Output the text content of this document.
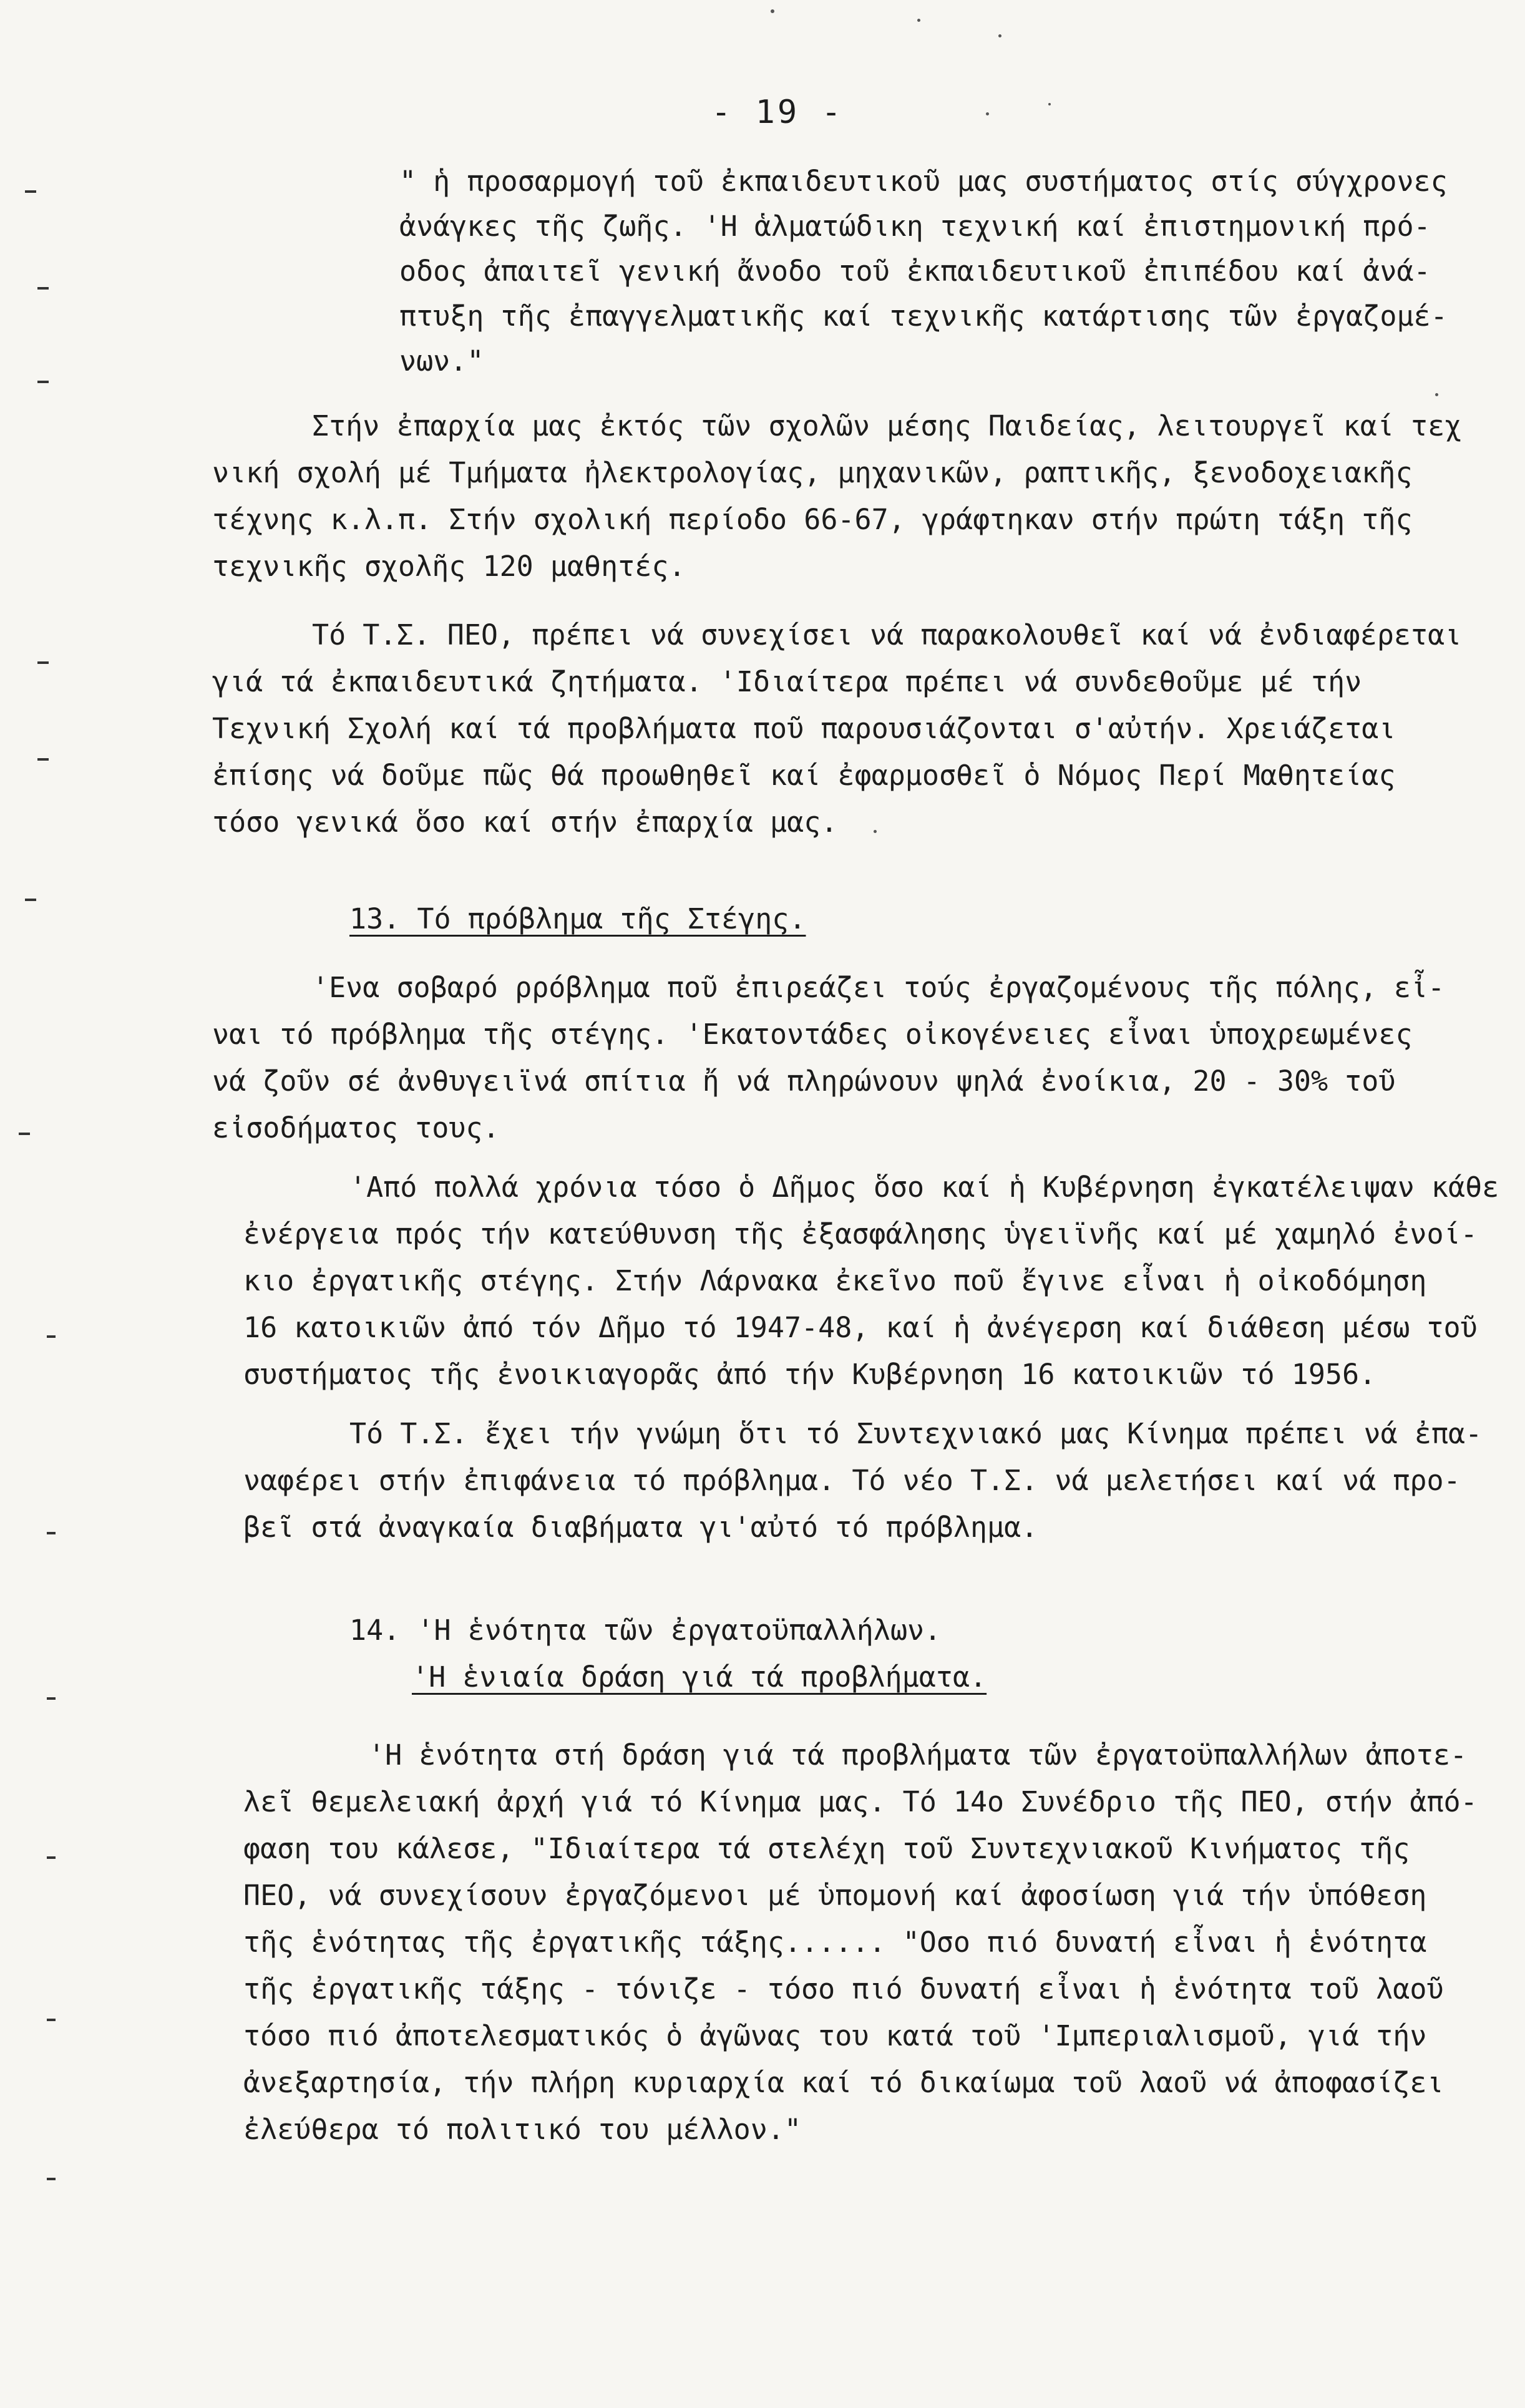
- 19 -
" ἡ προσαρμογή τοῦ ἐκπαιδευτικοῦ μας συστήματος στίς σύγχρονες
ἀνάγκες τῆς ζωῆς. 'Η ἁλματώδικη τεχνική καί ἐπιστημονική πρό-
οδος ἀπαιτεῖ γενική ἄνοδο τοῦ ἐκπαιδευτικοῦ ἐπιπέδου καί ἀνά-
πτυξη τῆς ἐπαγγελματικῆς καί τεχνικῆς κατάρτισης τῶν ἐργαζομέ-
νων."
Στήν ἐπαρχία μας ἐκτός τῶν σχολῶν μέσης Παιδείας, λειτουργεῖ καί τεχ
νική σχολή μέ Τμήματα ἠλεκτρολογίας, μηχανικῶν, ραπτικῆς, ξενοδοχειακῆς
τέχνης κ.λ.π. Στήν σχολική περίοδο 66-67, γράφτηκαν στήν πρώτη τάξη τῆς
τεχνικῆς σχολῆς 120 μαθητές.
Τό Τ.Σ. ΠΕΟ, πρέπει νά συνεχίσει νά παρακολουθεῖ καί νά ἐνδιαφέρεται
γιά τά ἐκπαιδευτικά ζητήματα. 'Ιδιαίτερα πρέπει νά συνδεθοῦμε μέ τήν
Τεχνική Σχολή καί τά προβλήματα ποῦ παρουσιάζονται σ'αὐτήν. Χρειάζεται
ἐπίσης νά δοῦμε πῶς θά προωθηθεῖ καί ἐφαρμοσθεῖ ὁ Νόμος Περί Μαθητείας
τόσο γενικά ὅσο καί στήν ἐπαρχία μας.
13. Τό πρόβλημα τῆς Στέγης.
'Ενα σοβαρό ρρόβλημα ποῦ ἐπιρεάζει τούς ἐργαζομένους τῆς πόλης, εἶ-
ναι τό πρόβλημα τῆς στέγης. 'Εκατοντάδες οἰκογένειες εἶναι ὑποχρεωμένες
νά ζοῦν σέ ἀνθυγειϊνά σπίτια ἤ νά πληρώνουν ψηλά ἐνοίκια, 20 - 30% τοῦ
εἰσοδήματος τους.
'Από πολλά χρόνια τόσο ὁ Δῆμος ὅσο καί ἡ Κυβέρνηση ἐγκατέλειψαν κάθε
ἐνέργεια πρός τήν κατεύθυνση τῆς ἐξασφάλησης ὑγειϊνῆς καί μέ χαμηλό ἐνοί-
κιο ἐργατικῆς στέγης. Στήν Λάρνακα ἐκεῖνο ποῦ ἔγινε εἶναι ἡ οἰκοδόμηση
16 κατοικιῶν ἀπό τόν Δῆμο τό 1947-48, καί ἡ ἀνέγερση καί διάθεση μέσω τοῦ
συστήματος τῆς ἐνοικιαγορᾶς ἀπό τήν Κυβέρνηση 16 κατοικιῶν τό 1956.
Τό Τ.Σ. ἔχει τήν γνώμη ὅτι τό Συντεχνιακό μας Κίνημα πρέπει νά ἐπα-
ναφέρει στήν ἐπιφάνεια τό πρόβλημα. Τό νέο Τ.Σ. νά μελετήσει καί νά προ-
βεῖ στά ἀναγκαία διαβήματα γι'αὐτό τό πρόβλημα.
14. 'Η ἑνότητα τῶν ἐργατοϋπαλλήλων.
'Η ἑνιαία δράση γιά τά προβλήματα.
'Η ἑνότητα στή δράση γιά τά προβλήματα τῶν ἐργατοϋπαλλήλων ἀποτε-
λεῖ θεμελειακή ἀρχή γιά τό Κίνημα μας. Τό 14ο Συνέδριο τῆς ΠΕΟ, στήν ἀπό-
φαση του κάλεσε, "Ιδιαίτερα τά στελέχη τοῦ Συντεχνιακοῦ Κινήματος τῆς
ΠΕΟ, νά συνεχίσουν ἐργαζόμενοι μέ ὑπομονή καί ἀφοσίωση γιά τήν ὑπόθεση
τῆς ἑνότητας τῆς ἐργατικῆς τάξης...... "Οσο πιό δυνατή εἶναι ἡ ἑνότητα
τῆς ἐργατικῆς τάξης - τόνιζε - τόσο πιό δυνατή εἶναι ἡ ἑνότητα τοῦ λαοῦ
τόσο πιό ἀποτελεσματικός ὁ ἀγῶνας του κατά τοῦ 'Ιμπεριαλισμοῦ, γιά τήν
ἀνεξαρτησία, τήν πλήρη κυριαρχία καί τό δικαίωμα τοῦ λαοῦ νά ἀποφασίζει
ἐλεύθερα τό πολιτικό του μέλλον."
